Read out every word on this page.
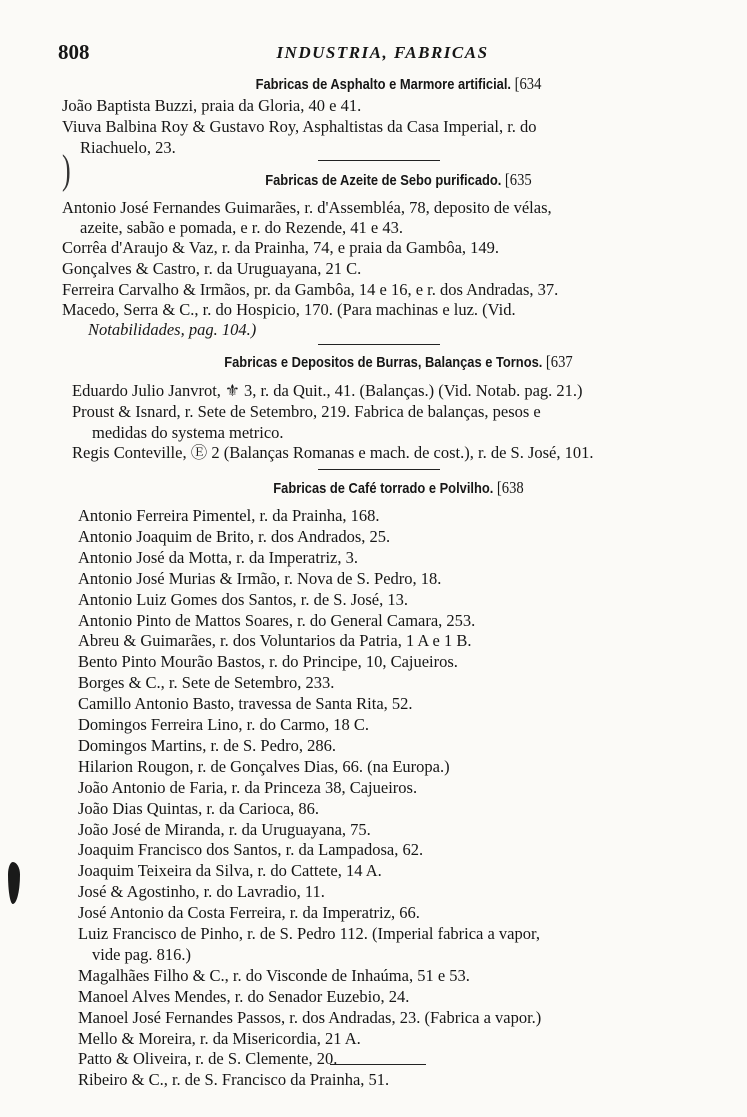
808	INDUSTRIA, FABRICAS
Fabricas de Asphalto e Marmore artificial. [634
João Baptista Buzzi, praia da Gloria, 40 e 41.
Viuva Balbina Roy & Gustavo Roy, Asphaltistas da Casa Imperial, r. do
Riachuelo, 23.
)	Fabricas de Azeite de Sebo purificado. [635
Antonio José Fernandes Guimarães, r. d'Assembléa, 78, deposito de vélas,
azeite, sabão e pomada, e r. do Rezende, 41 e 43.
Corrêa d'Araujo & Vaz, r. da Prainha, 74, e praia da Gambôa, 149.
Gonçalves & Castro, r. da Uruguayana, 21 C.
Ferreira Carvalho & Irmãos, pr. da Gambôa, 14 e 16, e r. dos Andradas, 37.
Macedo, Serra & C., r. do Hospicio, 170. (Para machinas e luz. (Vid.
Notabilidades, pag. 104.)
Fabricas e Depositos de Burras, Balanças e Tornos. [637
Eduardo Julio Janvrot, ⚜ 3, r. da Quit., 41. (Balanças.) (Vid. Notab. pag. 21.)
Proust & Isnard, r. Sete de Setembro, 219. Fabrica de balanças, pesos e
medidas do systema metrico.
Regis Conteville, Ⓔ 2 (Balanças Romanas e mach. de cost.), r. de S. José, 101.
Fabricas de Café torrado e Polvilho. [638
Antonio Ferreira Pimentel, r. da Prainha, 168.
Antonio Joaquim de Brito, r. dos Andrados, 25.
Antonio José da Motta, r. da Imperatriz, 3.
Antonio José Murias & Irmão, r. Nova de S. Pedro, 18.
Antonio Luiz Gomes dos Santos, r. de S. José, 13.
Antonio Pinto de Mattos Soares, r. do General Camara, 253.
Abreu & Guimarães, r. dos Voluntarios da Patria, 1 A e 1 B.
Bento Pinto Mourão Bastos, r. do Principe, 10, Cajueiros.
Borges & C., r. Sete de Setembro, 233.
Camillo Antonio Basto, travessa de Santa Rita, 52.
Domingos Ferreira Lino, r. do Carmo, 18 C.
Domingos Martins, r. de S. Pedro, 286.
Hilarion Rougon, r. de Gonçalves Dias, 66. (na Europa.)
João Antonio de Faria, r. da Princeza 38, Cajueiros.
João Dias Quintas, r. da Carioca, 86.
João José de Miranda, r. da Uruguayana, 75.
Joaquim Francisco dos Santos, r. da Lampadosa, 62.
Joaquim Teixeira da Silva, r. do Cattete, 14 A.
José & Agostinho, r. do Lavradio, 11.
José Antonio da Costa Ferreira, r. da Imperatriz, 66.
Luiz Francisco de Pinho, r. de S. Pedro 112. (Imperial fabrica a vapor,
vide pag. 816.)
Magalhães Filho & C., r. do Visconde de Inhaúma, 51 e 53.
Manoel Alves Mendes, r. do Senador Euzebio, 24.
Manoel José Fernandes Passos, r. dos Andradas, 23. (Fabrica a vapor.)
Mello & Moreira, r. da Misericordia, 21 A.
Patto & Oliveira, r. de S. Clemente, 20.
Ribeiro & C., r. de S. Francisco da Prainha, 51.
